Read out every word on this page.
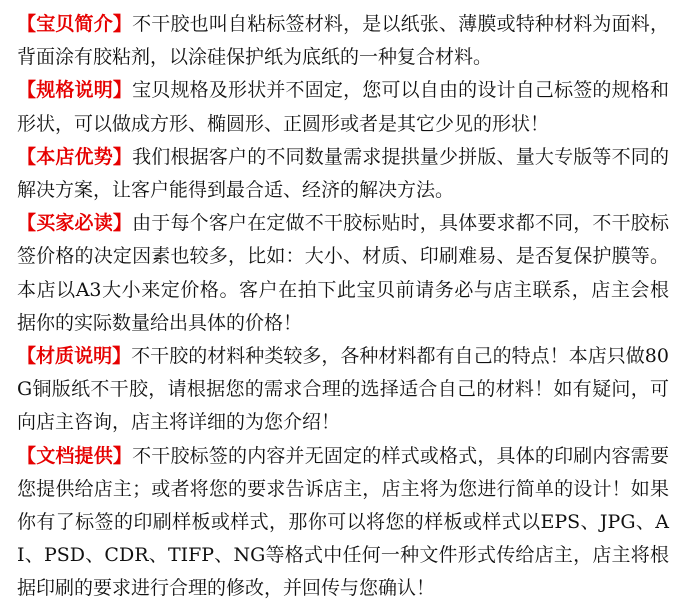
【宝贝简介】不干胶也叫自粘标签材料，是以纸张、薄膜或特种材料为面料，背面涂有胶粘剂，以涂硅保护纸为底纸的一种复合材料。

【规格说明】宝贝规格及形状并不固定，您可以自由的设计自己标签的规格和形状，可以做成方形、椭圆形、正圆形或者是其它少见的形状！

【本店优势】我们根据客户的不同数量需求提拱量少拼版、量大专版等不同的解决方案，让客户能得到最合适、经济的解决方法。

【买家必读】由于每个客户在定做不干胶标贴时，具体要求都不同，不干胶标签价格的决定因素也较多，比如：大小、材质、印刷难易、是否复保护膜等。本店以A3大小来定价格。客户在拍下此宝贝前请务必与店主联系，店主会根据你的实际数量给出具体的价格！

【材质说明】不干胶的材料种类较多，各种材料都有自己的特点！本店只做80G铜版纸不干胶，请根据您的需求合理的选择适合自己的材料！如有疑问，可向店主咨询，店主将详细的为您介绍！

【文档提供】不干胶标签的内容并无固定的样式或格式，具体的印刷内容需要您提供给店主；或者将您的要求告诉店主，店主将为您进行简单的设计！如果你有了标签的印刷样板或样式，那你可以将您的样板或样式以EPS、JPG、AI、PSD、CDR、TIFP、NG等格式中任何一种文件形式传给店主，店主将根据印刷的要求进行合理的修改，并回传与您确认！
